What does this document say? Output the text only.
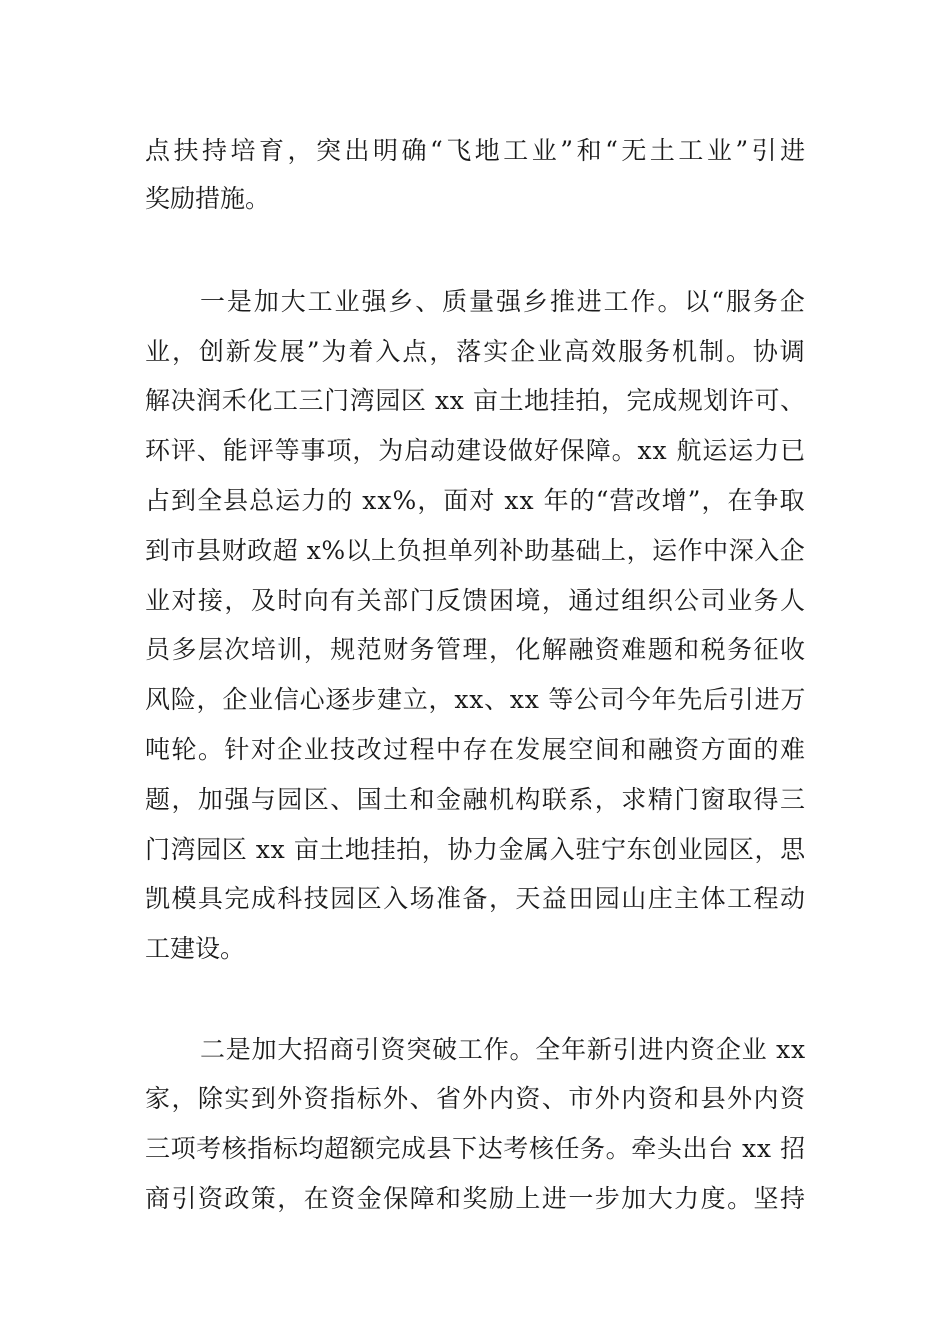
点扶持培育，突出明确“飞地工业”和“无土工业”引进
奖励措施。
一是加大工业强乡、质量强乡推进工作。以“服务企
业，创新发展”为着入点，落实企业高效服务机制。协调
解决润禾化工三门湾园区 xx 亩土地挂拍，完成规划许可、
环评、能评等事项，为启动建设做好保障。xx 航运运力已
占到全县总运力的 xx%，面对 xx 年的“营改增”，在争取
到市县财政超 x%以上负担单列补助基础上，运作中深入企
业对接，及时向有关部门反馈困境，通过组织公司业务人
员多层次培训，规范财务管理，化解融资难题和税务征收
风险，企业信心逐步建立，xx、xx 等公司今年先后引进万
吨轮。针对企业技改过程中存在发展空间和融资方面的难
题，加强与园区、国土和金融机构联系，求精门窗取得三
门湾园区 xx 亩土地挂拍，协力金属入驻宁东创业园区，思
凯模具完成科技园区入场准备，天益田园山庄主体工程动
工建设。
二是加大招商引资突破工作。全年新引进内资企业 xx
家，除实到外资指标外、省外内资、市外内资和县外内资
三项考核指标均超额完成县下达考核任务。牵头出台 xx 招
商引资政策，在资金保障和奖励上进一步加大力度。坚持
